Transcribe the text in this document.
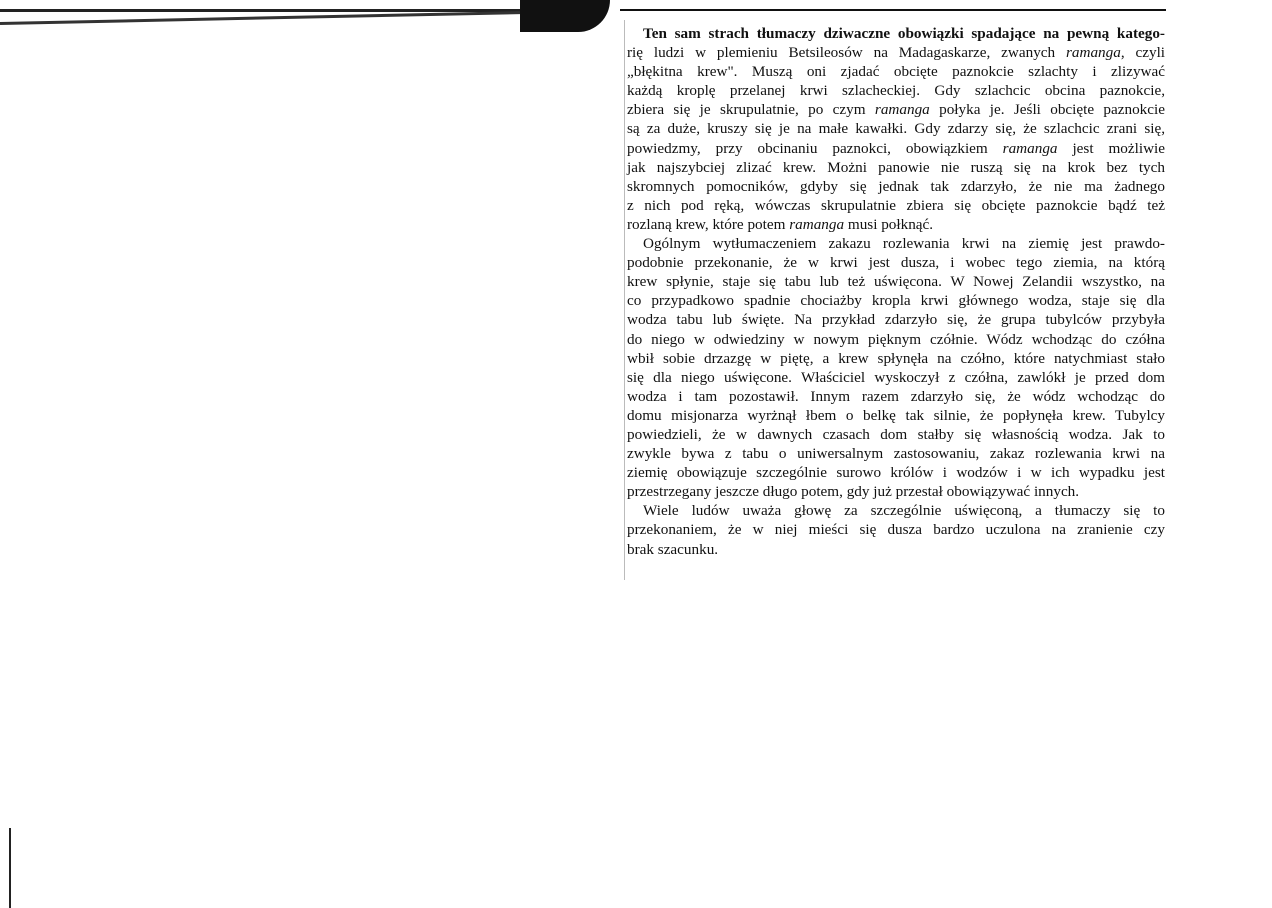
Ten sam strach tłumaczy dziwaczne obowiązki spadające na pewną katego-
rię ludzi w plemieniu Betsileosów na Madagaskarze, zwanych ramanga, czyli
„błękitna krew". Muszą oni zjadać obcięte paznokcie szlachty i zlizywać
każdą kroplę przelanej krwi szlacheckiej. Gdy szlachcic obcina paznokcie,
zbiera się je skrupulatnie, po czym ramanga połyka je. Jeśli obcięte paznokcie
są za duże, kruszy się je na małe kawałki. Gdy zdarzy się, że szlachcic zrani się,
powiedzmy, przy obcinaniu paznokci, obowiązkiem ramanga jest możliwie
jak najszybciej zlizać krew. Możni panowie nie ruszą się na krok bez tych
skromnych pomocników, gdyby się jednak tak zdarzyło, że nie ma żadnego
z nich pod ręką, wówczas skrupulatnie zbiera się obcięte paznokcie bądź też
rozlaną krew, które potem ramanga musi połknąć.
Ogólnym wytłumaczeniem zakazu rozlewania krwi na ziemię jest prawdo-
podobnie przekonanie, że w krwi jest dusza, i wobec tego ziemia, na którą
krew spłynie, staje się tabu lub też uświęcona. W Nowej Zelandii wszystko, na
co przypadkowo spadnie chociażby kropla krwi głównego wodza, staje się dla
wodza tabu lub święte. Na przykład zdarzyło się, że grupa tubylców przybyła
do niego w odwiedziny w nowym pięknym czółnie. Wódz wchodząc do czółna
wbił sobie drzazgę w piętę, a krew spłynęła na czółno, które natychmiast stało
się dla niego uświęcone. Właściciel wyskoczył z czółna, zawlókł je przed dom
wodza i tam pozostawił. Innym razem zdarzyło się, że wódz wchodząc do
domu misjonarza wyrżnął łbem o belkę tak silnie, że popłynęła krew. Tubylcy
powiedzieli, że w dawnych czasach dom stałby się własnością wodza. Jak to
zwykle bywa z tabu o uniwersalnym zastosowaniu, zakaz rozlewania krwi na
ziemię obowiązuje szczególnie surowo królów i wodzów i w ich wypadku jest
przestrzegany jeszcze długo potem, gdy już przestał obowiązywać innych.
Wiele ludów uważa głowę za szczególnie uświęconą, a tłumaczy się to
przekonaniem, że w niej mieści się dusza bardzo uczulona na zranienie czy
brak szacunku.
